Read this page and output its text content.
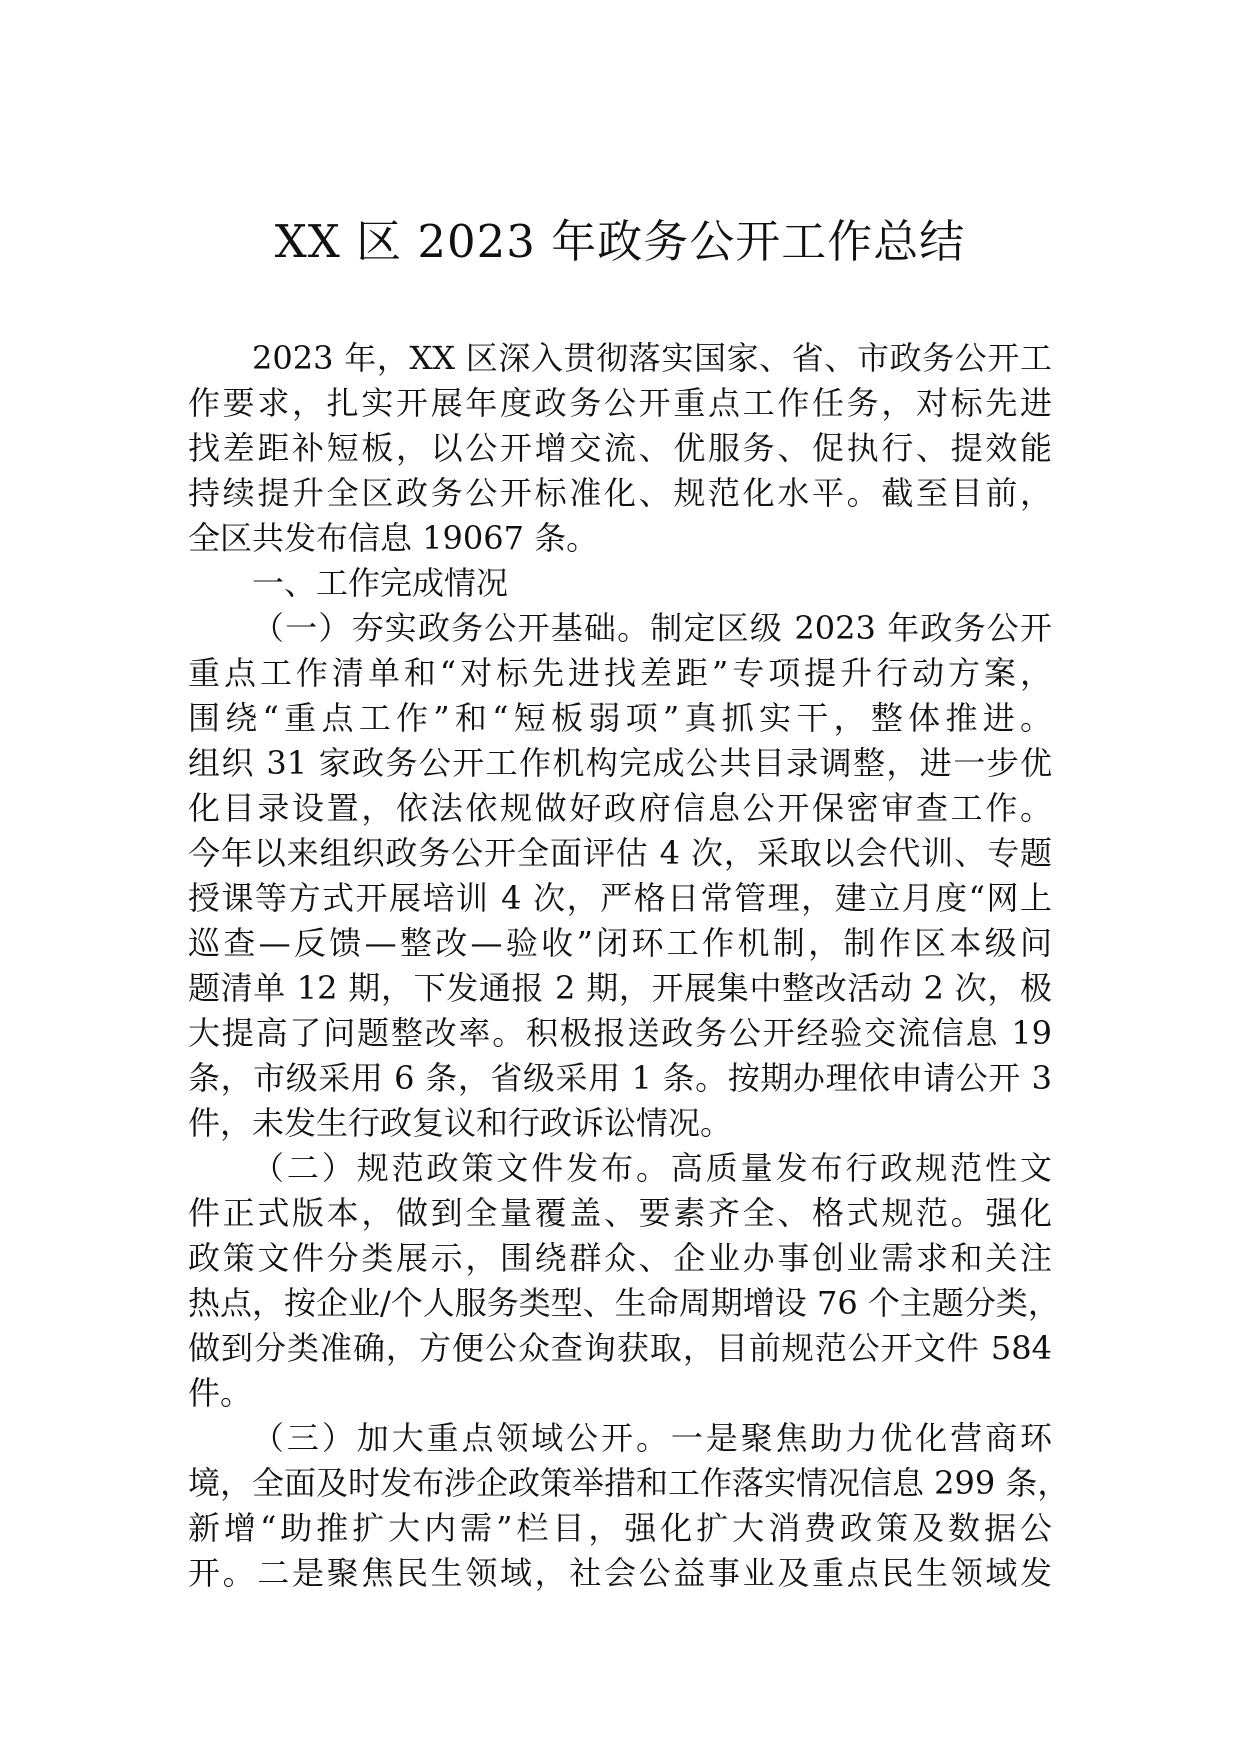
XX 区 2023 年政务公开工作总结
2023 年，XX 区深入贯彻落实国家、省、市政务公开工
作要求，扎实开展年度政务公开重点工作任务，对标先进
找差距补短板，以公开增交流、优服务、促执行、提效能
持续提升全区政务公开标准化、规范化水平。截至目前，
全区共发布信息 19067 条。
一、工作完成情况
（一）夯实政务公开基础。制定区级 2023 年政务公开
重点工作清单和“对标先进找差距”专项提升行动方案，
围绕“重点工作”和“短板弱项”真抓实干，整体推进。
组织 31 家政务公开工作机构完成公共目录调整，进一步优
化目录设置，依法依规做好政府信息公开保密审查工作。
今年以来组织政务公开全面评估 4 次，采取以会代训、专题
授课等方式开展培训 4 次，严格日常管理，建立月度“网上
巡查—反馈—整改—验收”闭环工作机制，制作区本级问
题清单 12 期，下发通报 2 期，开展集中整改活动 2 次，极
大提高了问题整改率。积极报送政务公开经验交流信息 19
条，市级采用 6 条，省级采用 1 条。按期办理依申请公开 3
件，未发生行政复议和行政诉讼情况。
（二）规范政策文件发布。高质量发布行政规范性文
件正式版本，做到全量覆盖、要素齐全、格式规范。强化
政策文件分类展示，围绕群众、企业办事创业需求和关注
热点，按企业/个人服务类型、生命周期增设 76 个主题分类，
做到分类准确，方便公众查询获取，目前规范公开文件 584
件。
（三）加大重点领域公开。一是聚焦助力优化营商环
境，全面及时发布涉企政策举措和工作落实情况信息 299 条，
新增“助推扩大内需”栏目，强化扩大消费政策及数据公
开。二是聚焦民生领域，社会公益事业及重点民生领域发
